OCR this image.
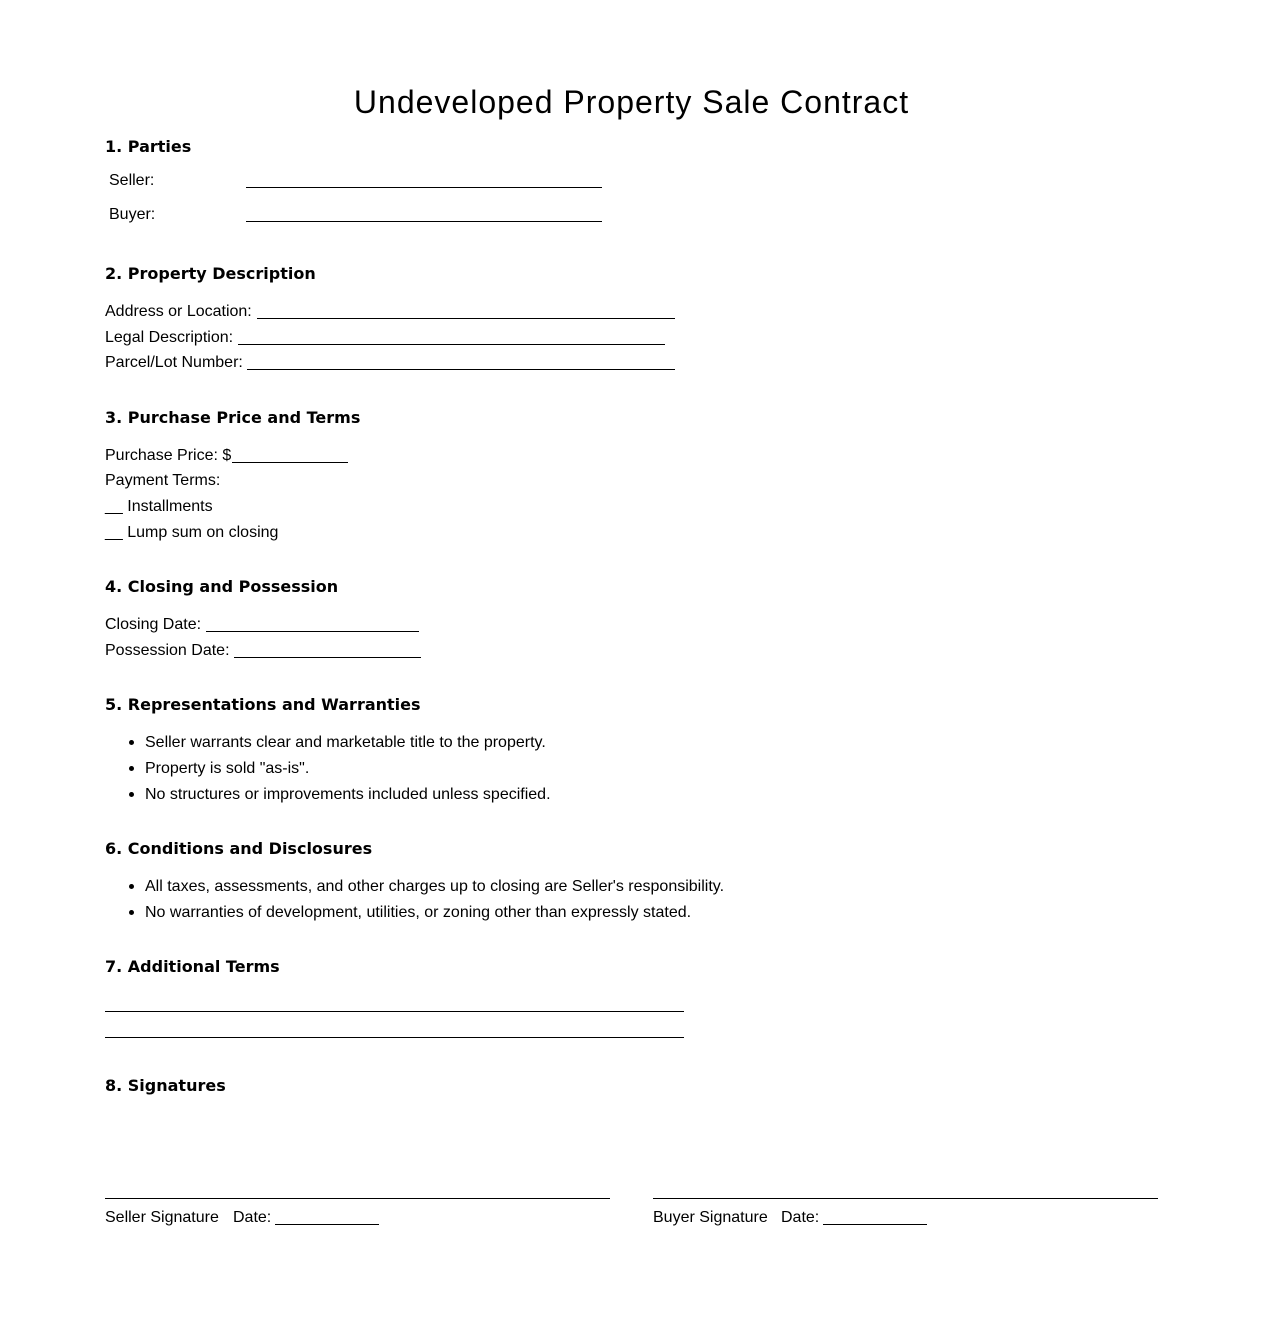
Undeveloped Property Sale Contract
1. Parties
Seller:
Buyer:
2. Property Description
Address or Location:
Legal Description:
Parcel/Lot Number:
3. Purchase Price and Terms
Purchase Price: $
Payment Terms:
__ Installments
__ Lump sum on closing
4. Closing and Possession
Closing Date:
Possession Date:
5. Representations and Warranties
Seller warrants clear and marketable title to the property.
Property is sold "as-is".
No structures or improvements included unless specified.
6. Conditions and Disclosures
All taxes, assessments, and other charges up to closing are Seller's responsibility.
No warranties of development, utilities, or zoning other than expressly stated.
7. Additional Terms
8. Signatures
Seller Signature Date:	Buyer Signature Date:
